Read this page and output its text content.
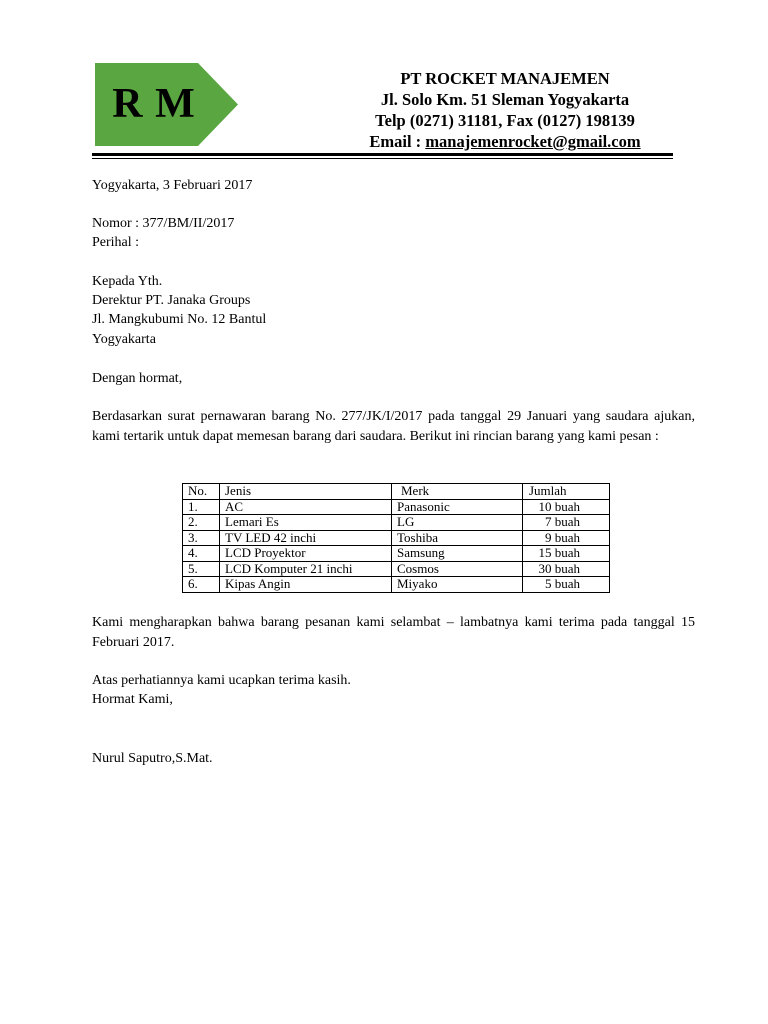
R M
PT ROCKET MANAJEMEN
Jl. Solo Km. 51 Sleman Yogyakarta
Telp (0271) 31181, Fax (0127) 198139
Email : manajemenrocket@gmail.com
Yogyakarta, 3 Februari 2017
Nomor : 377/BM/II/2017
Perihal :
Kepada Yth.
Derektur PT. Janaka Groups
Jl. Mangkubumi No. 12 Bantul
Yogyakarta
Dengan hormat,
Berdasarkan surat pernawaran barang No. 277/JK/I/2017 pada tanggal 29 Januari yang saudara ajukan, kami tertarik untuk dapat memesan barang dari saudara. Berikut ini rincian barang yang kami pesan :
No.	Jenis	Merk	Jumlah
1.	AC	Panasonic	10 buah
2.	Lemari Es	LG	7 buah
3.	TV LED 42 inchi	Toshiba	9 buah
4.	LCD Proyektor	Samsung	15 buah
5.	LCD Komputer 21 inchi	Cosmos	30 buah
6.	Kipas Angin	Miyako	5 buah
Kami mengharapkan bahwa barang pesanan kami selambat – lambatnya kami terima pada tanggal 15 Februari 2017.
Atas perhatiannya kami ucapkan terima kasih.
Hormat Kami,
Nurul Saputro,S.Mat.
